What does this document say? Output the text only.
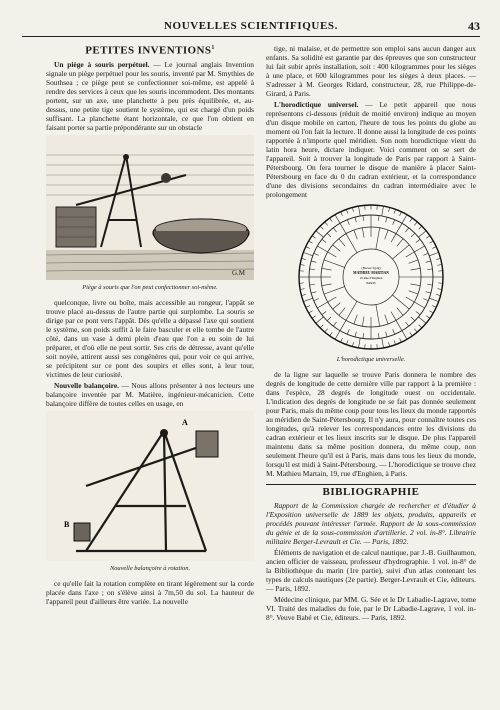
NOUVELLES SCIENTIFIQUES.	43
PETITES INVENTIONS$^1$

Un piège à souris perpétuel. — Le journal anglais Invention signale un piège perpétuel pour les souris, inventé par M. Smythies de Southsea ; ce piège peut se confectionner soi-même, est appelé à rendre des services à ceux que les souris incommodent. Des montants portent, sur un axe, une planchette à peu près équilibrée, et, au-dessus, une petite tige soutient le système, qui est chargé d'un poids suffisant. La planchette étant horizontale, ce que l'on obtient en faisant porter sa partie prépondérante sur un obstacle

G.M
Piège à souris que l'on peut confectionner soi-même.

quelconque, livre ou boîte, mais accessible au rongeur, l'appât se trouve placé au-dessus de l'autre partie qui surplombe. La souris se dirige par ce pont vers l'appât. Dès qu'elle a dépassé l'axe qui soutient le système, son poids suffit à le faire basculer et elle tombe de l'autre côté, dans un vase à demi plein d'eau que l'on a eu soin de lui préparer, et d'où elle ne peut sortir. Ses cris de détresse, avant qu'elle soit noyée, attirent aussi ses congénères qui, pour voir ce qui arrive, se précipitent sur ce pont des soupirs et elles sont, à leur tour, victimes de leur curiosité.

Nouvelle balançoire. — Nous allons présenter à nos lecteurs une balançoire inventée par M. Matière, ingénieur-mécanicien. Cette balançoire diffère de toutes celles en usage, en

A
B
Nouvelle balançoire à rotation.

ce qu'elle fait la rotation complète en tirant légèrement sur la corde placée dans l'axe ; on s'élève ainsi à 7m,50 du sol. La hauteur de l'appareil peut d'ailleurs être variée. La nouvelle

tige, ni malaise, et de permettre son emploi sans aucun danger aux enfants. Sa solidité est garantie par des épreuves que son constructeur lui fait subir après installation, soit : 400 kilogrammes pour les sièges à une place, et 600 kilogrammes pour les sièges à deux places. — S'adresser à M. Georges Ridard, constructeur, 28, rue Philippe-de-Girard, à Paris.

L'horodictique universel. — Le petit appareil que nous représentons ci-dessous (réduit de moitié environ) indique au moyen d'un disque mobile en carton, l'heure de tous les points du globe au moment où l'on fait la lecture. Il donne aussi la longitude de ces points rapportée à n'importe quel méridien. Son nom horodictique vient du latin hora heure, dictare indiquer. Voici comment on se sert de l'appareil. Soit à trouver la longitude de Paris par rapport à Saint-Pétersbourg. On fera tourner le disque de manière à placer Saint-Pétersbourg en face du 0 du cadran extérieur, et la correspondance d'une des divisions secondaires du cadran intermédiaire avec le prolongement

(Brevet Sgdg)
MATHIEU MARTIAN
19 Rue d'Enghien
PARIS
L'horodictique universelle.

de la ligne sur laquelle se trouve Paris donnera le nombre des degrés de longitude de cette dernière ville par rapport à la première : dans l'espèce, 28 degrés de longitude ouest ou occidentale. L'indication des degrés de longitude ne se fait pas donnée seulement pour Paris, mais du même coup pour tous les lieux du monde rapportés au méridien de Saint-Pétersbourg. Il n'y aura, pour connaître toutes ces longitudes, qu'à relever les correspondances entre les divisions du cadran extérieur et les lieux inscrits sur le disque. De plus l'appareil maintenu dans sa même position donnera, du même coup, non seulement l'heure qu'il est à Paris, mais dans tous les lieux du monde, lorsqu'il est midi à Saint-Pétersbourg. — L'horodictique se trouve chez M. Mathieu Martain, 19, rue d'Enghien, à Paris.

BIBLIOGRAPHIE

Rapport de la Commission chargée de rechercher et d'étudier à l'Exposition universelle de 1889 les objets, produits, appareils et procédés pouvant intéresser l'armée. Rapport de la sous-commission du génie et de la sous-commission d'artillerie. 2 vol. in-8°. Librairie militaire Berger-Levrault et Cie. — Paris, 1892.

Éléments de navigation et de calcul nautique, par J.-B. Guilhaumon, ancien officier de vaisseau, professeur d'hydrographie. 1 vol. in-8° de la Bibliothèque du marin (1re partie), suivi d'un atlas contenant les types de calculs nautiques (2e partie). Berger-Levrault et Cie, éditeurs. — Paris, 1892.

Médecine clinique, par MM. G. Sée et le Dr Labadie-Lagrave, tome VI. Traité des maladies du foie, par le Dr Labadie-Lagrave, 1 vol. in-8°. Veuve Babé et Cie, éditeurs. — Paris, 1892.
